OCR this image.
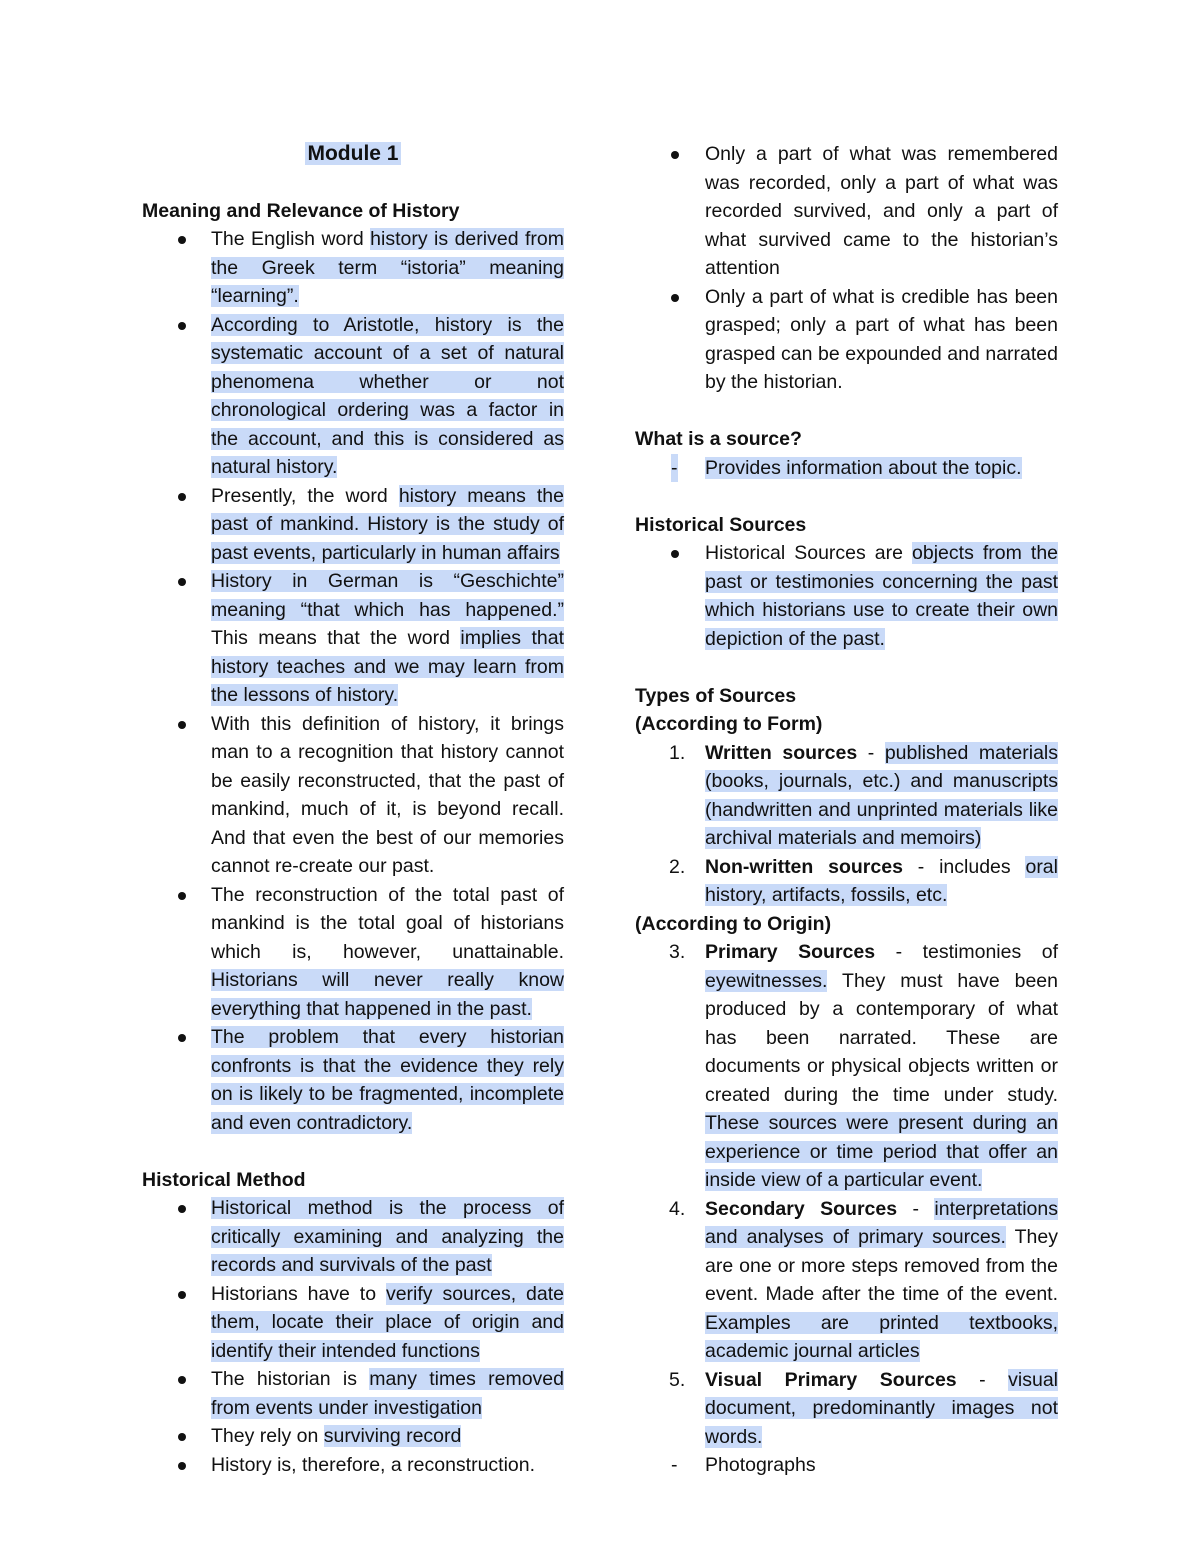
Module 1
Meaning and Relevance of History
The English word history is derived from the Greek term “istoria” meaning “learning”.
According to Aristotle, history is the systematic account of a set of natural phenomena whether or not chronological ordering was a factor in the account, and this is considered as natural history.
Presently, the word history means the past of mankind. History is the study of past events, particularly in human affairs
History in German is “Geschichte” meaning “that which has happened.” This means that the word implies that history teaches and we may learn from the lessons of history.
With this definition of history, it brings man to a recognition that history cannot be easily reconstructed, that the past of mankind, much of it, is beyond recall. And that even the best of our memories cannot re-create our past.
The reconstruction of the total past of mankind is the total goal of historians which is, however, unattainable. Historians will never really know everything that happened in the past.
The problem that every historian confronts is that the evidence they rely on is likely to be fragmented, incomplete and even contradictory.
Historical Method
Historical method is the process of critically examining and analyzing the records and survivals of the past
Historians have to verify sources, date them, locate their place of origin and identify their intended functions
The historian is many times removed from events under investigation
They rely on surviving record
History is, therefore, a reconstruction.
Only a part of what was remembered was recorded, only a part of what was recorded survived, and only a part of what survived came to the historian’s attention
Only a part of what is credible has been grasped; only a part of what has been grasped can be expounded and narrated by the historian.
What is a source?
- Provides information about the topic.
Historical Sources
Historical Sources are objects from the past or testimonies concerning the past which historians use to create their own depiction of the past.
Types of Sources
(According to Form)
1. Written sources - published materials (books, journals, etc.) and manuscripts (handwritten and unprinted materials like archival materials and memoirs)
2. Non-written sources - includes oral history, artifacts, fossils, etc.
(According to Origin)
3. Primary Sources - testimonies of eyewitnesses. They must have been produced by a contemporary of what has been narrated. These are documents or physical objects written or created during the time under study. These sources were present during an experience or time period that offer an inside view of a particular event.
4. Secondary Sources - interpretations and analyses of primary sources. They are one or more steps removed from the event. Made after the time of the event. Examples are printed textbooks, academic journal articles
5. Visual Primary Sources - visual document, predominantly images not words.
- Photographs
